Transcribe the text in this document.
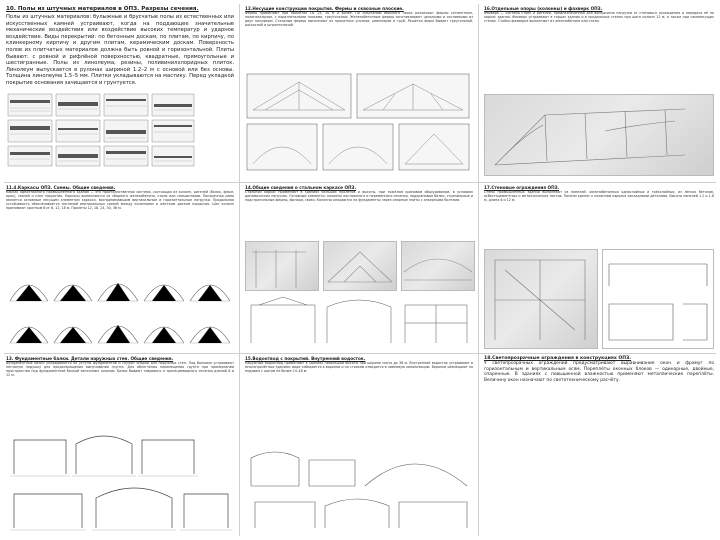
10. Полы из штучных материалов в ОПЗ. Разрезы сечения.
Полы из штучных материалов: булыжные и брусчатые полы из естественных или искусственных камней устраивают, когда на поддающее значительные механические воздействия или воздействие высоких температур и ударное воздействие. Виды перекрытий: по бетонным доскам, по плитам, по кирпичу, по клинкерному кирпичу и другим плитам, керамическим доскам. Поверхность полов из плитчатых материалов должна быть ровной и горизонтальной. Плиты бывают: с ровной и рифлёной поверхностью, квадратные, прямоугольные и шестигранные. Полы из линолеума, резины, поливинилхлоридных плиток. Линолеум выпускается в рулонах шириной 1.2–2 м с основой или без основы. Толщина линолеума 1.5–5 мм. Плитки укладываются на мастику. Перед укладкой покрытие основания зачищается и грунтуется.
11.4.Каркасы ОПЗ. Схемы. Общие сведения.
Каркас одноэтажного промышленного здания — это пространственная система, состоящая из колонн, ригелей (балок, ферм, арок), связей и плит покрытия. Каркасы выполняются из сборного железобетона, стали или смешанными. Поперечная рама является основным несущим элементом каркаса, воспринимающим вертикальные и горизонтальные нагрузки. Продольная устойчивость обеспечивается системой вертикальных связей между колоннами и жёстким диском покрытия. Шаг колонн принимают кратным 6 м: 6, 12, 18 м. Пролёты 12, 18, 24, 30, 36 м.
13. Фундаментные балки. Детали наружных стен. Общие сведения.
Фундаментные балки укладываются на уступы фундаментов и служат опорой для наружных стен. Под балками устраивают песчаную подушку для предотвращения выпучивания грунта. Для облегчения перемещения грунта при промерзании пространство под фундаментной балкой заполняют шлаком. Балки бывают таврового и трапециевидного сечения длиной 6 и 12 м.
12.Несущие конструкции покрытия. Фермы и сквозные плоские.
Фермы применяют при пролётах 18, 24, 30 м и более. По очертанию верхнего пояса различают фермы сегментные, полигональные, с параллельными поясами, треугольные. Железобетонные фермы изготавливают цельными и составными из двух полуферм. Стальные фермы выполняют из прокатных уголков, швеллеров и труб. Решётка ферм бывает треугольной, раскосной и шпренгельной.
14.Общие сведения о стальном каркасе ОПЗ.
Стальной каркас применяют в зданиях больших пролётов и высоты, при тяжёлом крановом оборудовании, в условиях динамических нагрузок. Основные элементы: колонны постоянного и переменного сечения, подкрановые балки, стропильные и подстропильные фермы, фонари, связи. Колонны опираются на фундаменты через опорные плиты с анкерными болтами.
15.Водоотвод с покрытий. Внутренний водосток.
Наружный водоотвод применяют в зданиях небольшой высоты при ширине ската до 36 м. Внутренний водосток устраивают в многопролётных зданиях: вода собирается в воронки и по стоякам отводится в ливневую канализацию. Воронки размещают по ендовам с шагом не более 24–48 м.
16.Отдельные опоры (колонны) и фахверк ОПЗ.
Фахверк — система стоек и ригелей, предназначенная для восприятия нагрузки от стенового ограждения и передачи её на каркас здания. Фахверк устраивают в торцах здания и в продольных стенах при шаге колонн 12 м, а также при самонесущих стенах. Стойки фахверка выполняют из железобетона или стали.
17.Стеновые ограждения ОПЗ.
Стены промышленных зданий выполняют из панелей: железобетонных однослойных и трёхслойных, из лёгких бетонов, асбестоцементных и металлических листов. Панели крепят к колоннам каркаса закладными деталями. Высота панелей 1.2 и 1.8 м, длина 6 и 12 м.
18.Светопрозрачные ограждения в конструкциях ОПЗ.
У светопрозрачных ограждений предусматривают выравнивание окон и фрамуг по горизонтальным и вертикальным осям. Переплёты оконных блоков — одинарные, двойные, спаренные. В зданиях с повышенной влажностью применяют металлические переплёты. Величину окон назначают по светотехническому расчёту.
